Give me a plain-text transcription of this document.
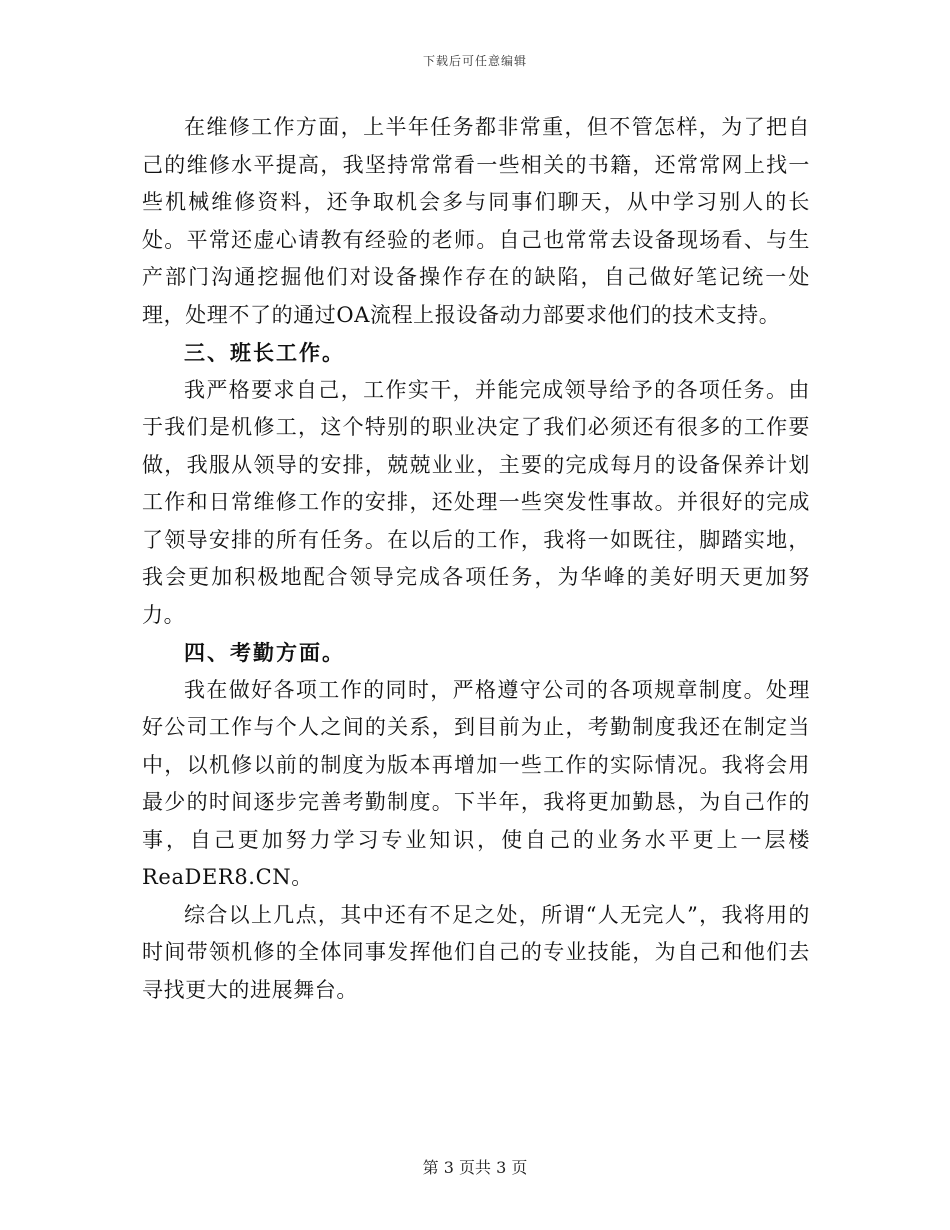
下载后可任意编辑

在维修工作方面，上半年任务都非常重，但不管怎样，为了把自己的维修水平提高，我坚持常常看一些相关的书籍，还常常网上找一些机械维修资料，还争取机会多与同事们聊天，从中学习别人的长处。平常还虚心请教有经验的老师。自己也常常去设备现场看、与生产部门沟通挖掘他们对设备操作存在的缺陷，自己做好笔记统一处理，处理不了的通过OA流程上报设备动力部要求他们的技术支持。

三、班长工作。

我严格要求自己，工作实干，并能完成领导给予的各项任务。由于我们是机修工，这个特别的职业决定了我们必须还有很多的工作要做，我服从领导的安排，兢兢业业，主要的完成每月的设备保养计划工作和日常维修工作的安排，还处理一些突发性事故。并很好的完成了领导安排的所有任务。在以后的工作，我将一如既往，脚踏实地，我会更加积极地配合领导完成各项任务，为华峰的美好明天更加努力。

四、考勤方面。

我在做好各项工作的同时，严格遵守公司的各项规章制度。处理好公司工作与个人之间的关系，到目前为止，考勤制度我还在制定当中，以机修以前的制度为版本再增加一些工作的实际情况。我将会用最少的时间逐步完善考勤制度。下半年，我将更加勤恳，为自己作的事，自己更加努力学习专业知识，使自己的业务水平更上一层楼ReaDER8.CN。

综合以上几点，其中还有不足之处，所谓“人无完人”，我将用的时间带领机修的全体同事发挥他们自己的专业技能，为自己和他们去寻找更大的进展舞台。

第 3 页共 3 页
